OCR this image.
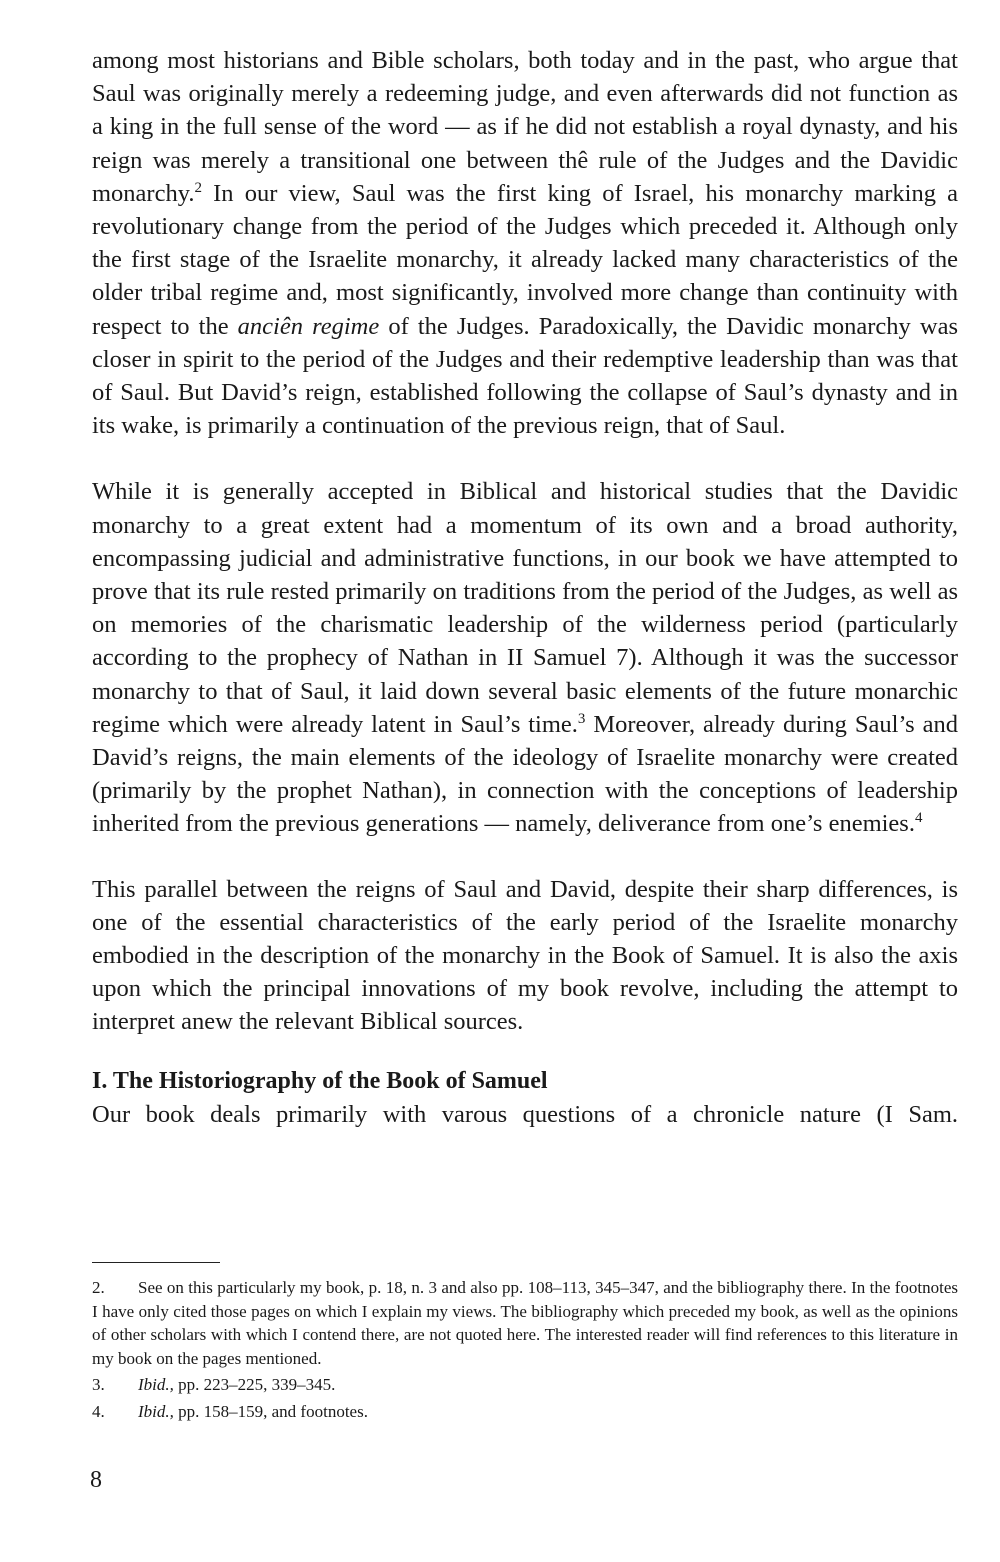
among most historians and Bible scholars, both today and in the past, who argue that Saul was originally merely a redeeming judge, and even afterwards did not function as a king in the full sense of the word — as if he did not establish a royal dynasty, and his reign was merely a transitional one between thê rule of the Judges and the Davidic monarchy.$^2$ In our view, Saul was the first king of Israel, his monarchy marking a revolutionary change from the period of the Judges which preceded it. Although only the first stage of the Israelite monarchy, it already lacked many characteristics of the older tribal regime and, most significantly, involved more change than continuity with respect to the anciên regime of the Judges. Paradoxically, the Davidic monarchy was closer in spirit to the period of the Judges and their redemptive leadership than was that of Saul. But David’s reign, established following the collapse of Saul’s dynasty and in its wake, is primarily a continuation of the previous reign, that of Saul.

While it is generally accepted in Biblical and historical studies that the Davidic monarchy to a great extent had a momentum of its own and a broad authority, encompassing judicial and administrative functions, in our book we have attempted to prove that its rule rested primarily on traditions from the period of the Judges, as well as on memories of the charismatic leadership of the wilderness period (particularly according to the prophecy of Nathan in II Samuel 7). Although it was the successor monarchy to that of Saul, it laid down several basic elements of the future monarchic regime which were already latent in Saul’s time.$^3$ Moreover, already during Saul’s and David’s reigns, the main elements of the ideology of Israelite monarchy were created (primarily by the prophet Nathan), in connection with the conceptions of leadership inherited from the previous generations — namely, deliverance from one’s enemies.$^4$

This parallel between the reigns of Saul and David, despite their sharp differences, is one of the essential characteristics of the early period of the Israelite monarchy embodied in the description of the monarchy in the Book of Samuel. It is also the axis upon which the principal innovations of my book revolve, including the attempt to interpret anew the relevant Biblical sources.

I. The Historiography of the Book of Samuel

Our book deals primarily with varous questions of a chronicle nature (I Sam.

2. See on this particularly my book, p. 18, n. 3 and also pp. 108–113, 345–347, and the bibliography there. In the footnotes I have only cited those pages on which I explain my views. The bibliography which preceded my book, as well as the opinions of other scholars with which I contend there, are not quoted here. The interested reader will find references to this literature in my book on the pages mentioned.

3. Ibid., pp. 223–225, 339–345.

4. Ibid., pp. 158–159, and footnotes.

8
